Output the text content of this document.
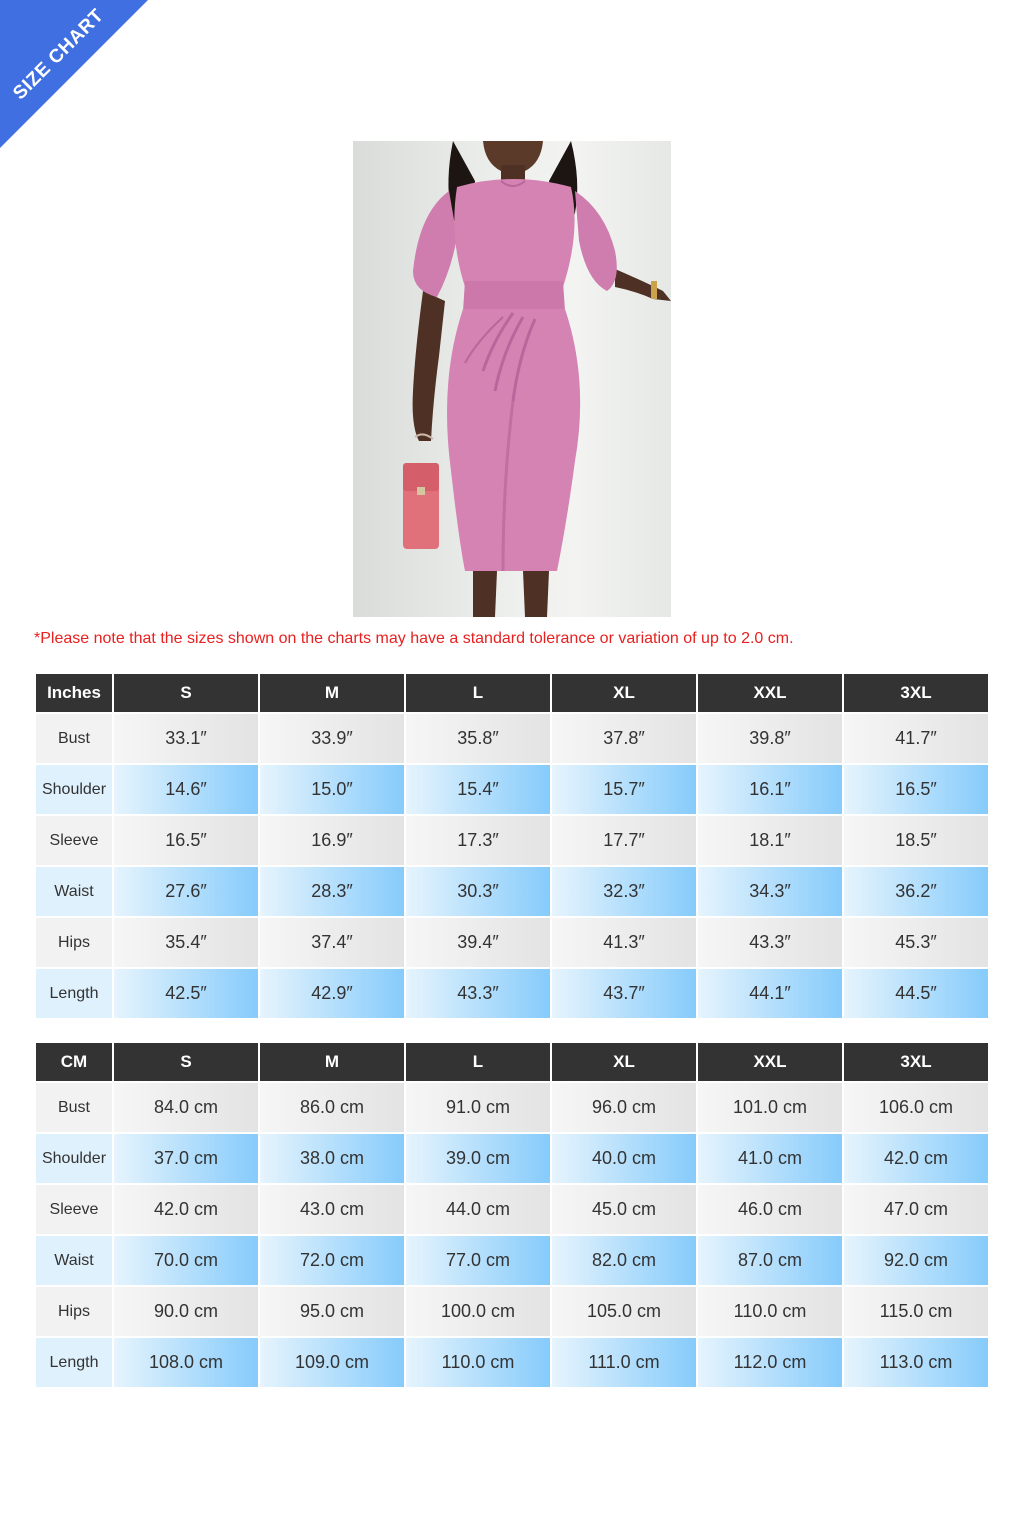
SIZE CHART
*Please note that the sizes shown on the charts may have a standard tolerance or variation of up to 2.0 cm.
Inches	S	M	L	XL	XXL	3XL
Bust	33.1″	33.9″	35.8″	37.8″	39.8″	41.7″
Shoulder	14.6″	15.0″	15.4″	15.7″	16.1″	16.5″
Sleeve	16.5″	16.9″	17.3″	17.7″	18.1″	18.5″
Waist	27.6″	28.3″	30.3″	32.3″	34.3″	36.2″
Hips	35.4″	37.4″	39.4″	41.3″	43.3″	45.3″
Length	42.5″	42.9″	43.3″	43.7″	44.1″	44.5″
CM	S	M	L	XL	XXL	3XL
Bust	84.0 cm	86.0 cm	91.0 cm	96.0 cm	101.0 cm	106.0 cm
Shoulder	37.0 cm	38.0 cm	39.0 cm	40.0 cm	41.0 cm	42.0 cm
Sleeve	42.0 cm	43.0 cm	44.0 cm	45.0 cm	46.0 cm	47.0 cm
Waist	70.0 cm	72.0 cm	77.0 cm	82.0 cm	87.0 cm	92.0 cm
Hips	90.0 cm	95.0 cm	100.0 cm	105.0 cm	110.0 cm	115.0 cm
Length	108.0 cm	109.0 cm	110.0 cm	111.0 cm	112.0 cm	113.0 cm
